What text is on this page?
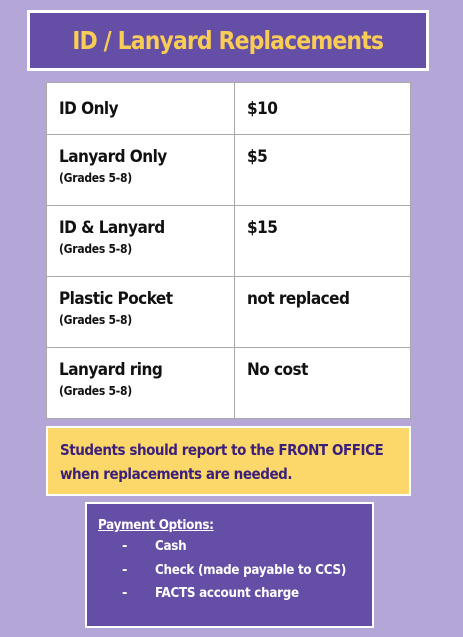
ID / Lanyard Replacements
ID Only	$10

Lanyard Only
(Grades 5-8)	$5

ID & Lanyard
(Grades 5-8)	$15

Plastic Pocket
(Grades 5-8)	not replaced

Lanyard ring
(Grades 5-8)	No cost
Students should report to the FRONT OFFICE
when replacements are needed.
Payment Options:
-	Cash
-	Check (made payable to CCS)
-	FACTS account charge
